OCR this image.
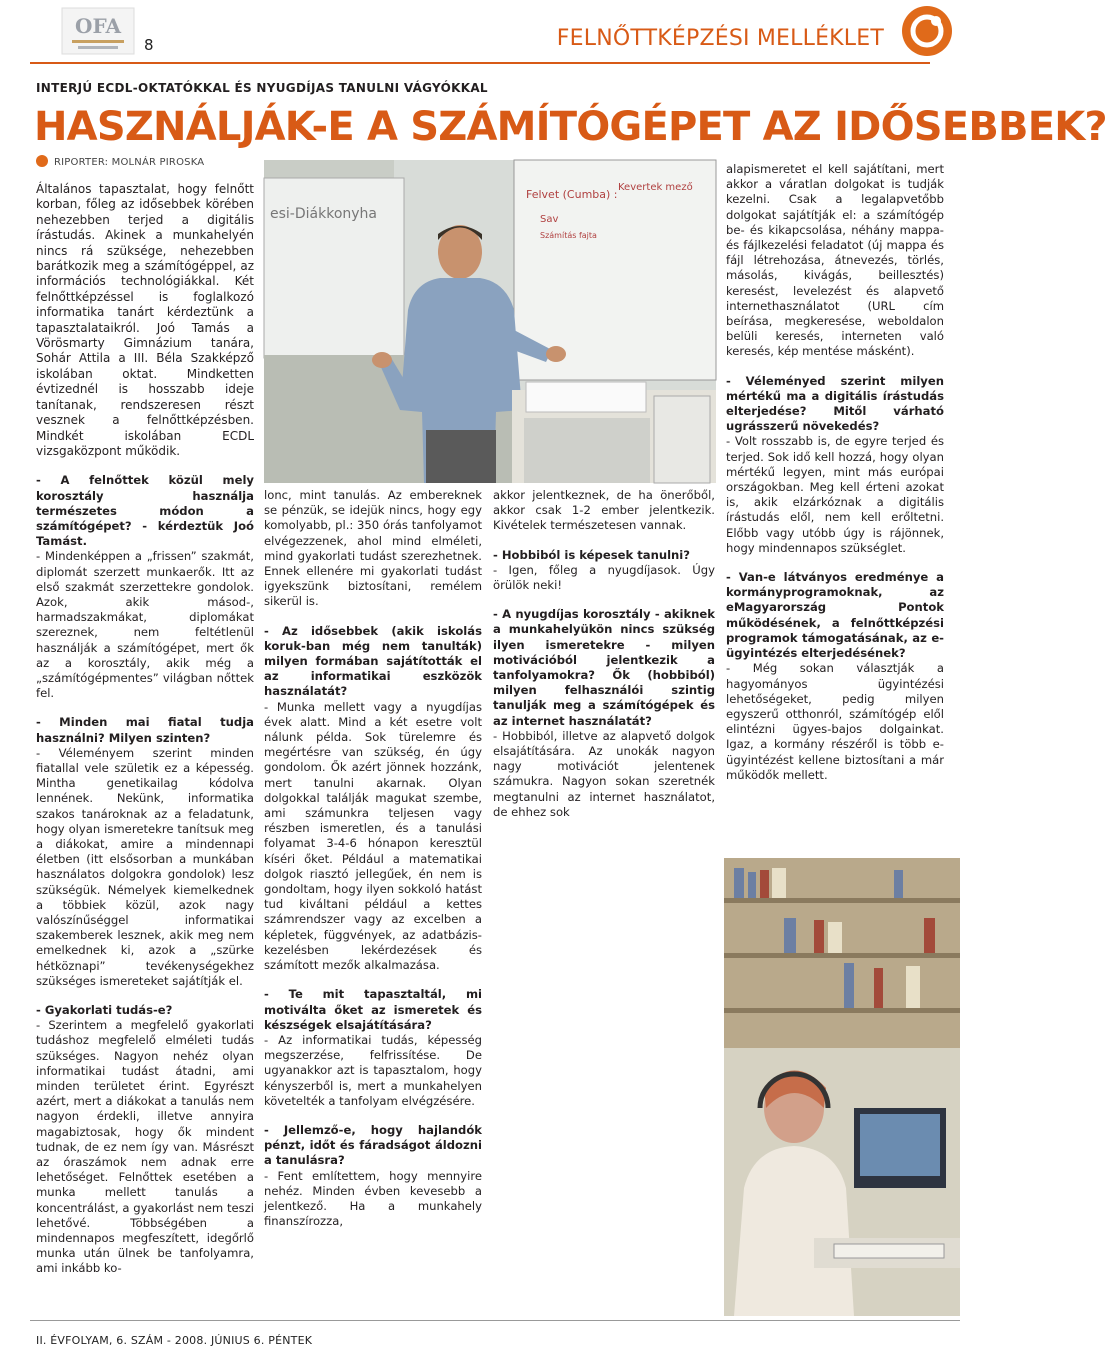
OFA
8	FELNŐTTKÉPZÉSI MELLÉKLET
INTERJÚ ECDL-OKTATÓKKAL ÉS NYUGDÍJAS TANULNI VÁGYÓKKAL
HASZNÁLJÁK-E A SZÁMÍTÓGÉPET AZ IDŐSEBBEK?
RIPORTER: MOLNÁR PIROSKA

Általános tapasztalat, hogy felnőtt korban, főleg az idősebbek körében nehezebben terjed a digitális írástudás. Akinek a munkahelyén nincs rá szüksége, nehezebben barátkozik meg a számítógéppel, az információs technológiákkal. Két felnőttképzéssel is foglalkozó informatika tanárt kérdeztünk a tapasztalataikról. Joó Tamás a Vörösmarty Gimnázium tanára, Sohár Attila a III. Béla Szakképző iskolában oktat. Mindketten évtizednél is hosszabb ideje tanítanak, rendszeresen részt vesznek a felnőttképzésben. Mindkét iskolában ECDL vizsgaközpont működik.

- A felnőttek közül mely korosztály használja természetes módon a számítógépet? - kérdeztük Joó Tamást.
- Mindenképpen a „frissen” szakmát, diplomát szerzett munkaerők. Itt az első szakmát szerzettekre gondolok. Azok, akik másod-, harmadszakmákat, diplomákat szereznek, nem feltétlenül használják a számítógépet, mert ők az a korosztály, akik még a „számítógépmentes” világban nőttek fel.

- Minden mai fiatal tudja használni? Milyen szinten?
- Véleményem szerint minden fiatallal vele születik ez a képesség. Mintha genetikailag kódolva lennének. Nekünk, informatika szakos tanároknak az a feladatunk, hogy olyan ismeretekre tanítsuk meg a diákokat, amire a mindennapi életben (itt elsősorban a munkában használatos dolgokra gondolok) lesz szükségük. Némelyek kiemelkednek a többiek közül, azok nagy valószínűséggel informatikai szakemberek lesznek, akik meg nem emelkednek ki, azok a „szürke hétköznapi” tevékenységekhez szükséges ismereteket sajátítják el.

- Gyakorlati tudás-e?
- Szerintem a megfelelő gyakorlati tudáshoz megfelelő elméleti tudás szükséges. Nagyon nehéz olyan informatikai tudást átadni, ami minden területet érint. Egyrészt azért, mert a diákokat a tanulás nem nagyon érdekli, illetve annyira magabiztosak, hogy ők mindent tudnak, de ez nem így van. Másrészt az óraszámok nem adnak erre lehetőséget. Felnőttek esetében a munka mellett tanulás a koncentrálást, a gyakorlást nem teszi lehetővé. Többségében a mindennapos megfeszített, idegőrlő munka után ülnek be tanfolyamra, ami inkább ko-

esi-Diákkonyha
Felvet (Cumba) :
Kevertek mező
Sav
Számítás fajta

lonc, mint tanulás. Az embereknek se pénzük, se idejük nincs, hogy egy komolyabb, pl.: 350 órás tanfolyamot elvégezzenek, ahol mind elméleti, mind gyakorlati tudást szerezhetnek. Ennek ellenére mi gyakorlati tudást igyekszünk biztosítani, remélem sikerül is.

- Az idősebbek (akik iskolás koruk-ban még nem tanulták) milyen formában sajátították el az informatikai eszközök használatát?
- Munka mellett vagy a nyugdíjas évek alatt. Mind a két esetre volt nálunk példa. Sok türelemre és megértésre van szükség, én úgy gondolom. Ők azért jönnek hozzánk, mert tanulni akarnak. Olyan dolgokkal találják magukat szembe, ami számunkra teljesen vagy részben ismeretlen, és a tanulási folyamat 3-4-6 hónapon keresztül kíséri őket. Például a matematikai dolgok riasztó jellegűek, én nem is gondoltam, hogy ilyen sokkoló hatást tud kiváltani például a kettes számrendszer vagy az excelben a képletek, függvények, az adatbázis-kezelésben lekérdezések és számított mezők alkalmazása.

- Te mit tapasztaltál, mi motiválta őket az ismeretek és készségek elsajátítására?
- Az informatikai tudás, képesség megszerzése, felfrissítése. De ugyanakkor azt is tapasztalom, hogy kényszerből is, mert a munkahelyen követelték a tanfolyam elvégzésére.

- Jellemző-e, hogy hajlandók pénzt, időt és fáradságot áldozni a tanulásra?
- Fent említettem, hogy mennyire nehéz. Minden évben kevesebb a jelentkező. Ha a munkahely finanszírozza,

akkor jelentkeznek, de ha önerőből, akkor csak 1-2 ember jelentkezik. Kivételek természetesen vannak.

- Hobbiból is képesek tanulni?
- Igen, főleg a nyugdíjasok. Úgy örülök neki!

- A nyugdíjas korosztály - akiknek a munkahelyükön nincs szükség ilyen ismeretekre - milyen motivációból jelentkezik a tanfolyamokra? Ők (hobbiból) milyen felhasználói szintig tanulják meg a számítógépek és az internet használatát?
- Hobbiból, illetve az alapvető dolgok elsajátítására. Az unokák nagyon nagy motivációt jelentenek számukra. Nagyon sokan szeretnék megtanulni az internet használatot, de ehhez sok

alapismeretet el kell sajátítani, mert akkor a váratlan dolgokat is tudják kezelni. Csak a legalapvetőbb dolgokat sajátítják el: a számítógép be- és kikapcsolása, néhány mappa- és fájlkezelési feladatot (új mappa és fájl létrehozása, átnevezés, törlés, másolás, kivágás, beillesztés) keresést, levelezést és alapvető internethasználatot (URL cím beírása, megkeresése, weboldalon belüli keresés, interneten való keresés, kép mentése másként).

- Véleményed szerint milyen mértékű ma a digitális írástudás elterjedése? Mitől várható ugrásszerű növekedés?
- Volt rosszabb is, de egyre terjed és terjed. Sok idő kell hozzá, hogy olyan mértékű legyen, mint más európai országokban. Meg kell érteni azokat is, akik elzárkóznak a digitális írástudás elől, nem kell erőltetni. Előbb vagy utóbb úgy is rájönnek, hogy mindennapos szükséglet.

- Van-e látványos eredménye a kormányprogramoknak, az eMagyarország Pontok működésének, a felnőttképzési programok támogatásának, az e-ügyintézés elterjedésének?
- Még sokan választják a hagyományos ügyintézési lehetőségeket, pedig milyen egyszerű otthonról, számítógép elől elintézni ügyes-bajos dolgainkat. Igaz, a kormány részéről is több e-ügyintézést kellene biztosítani a már működők mellett.

II. ÉVFOLYAM, 6. SZÁM - 2008. JÚNIUS 6. PÉNTEK
